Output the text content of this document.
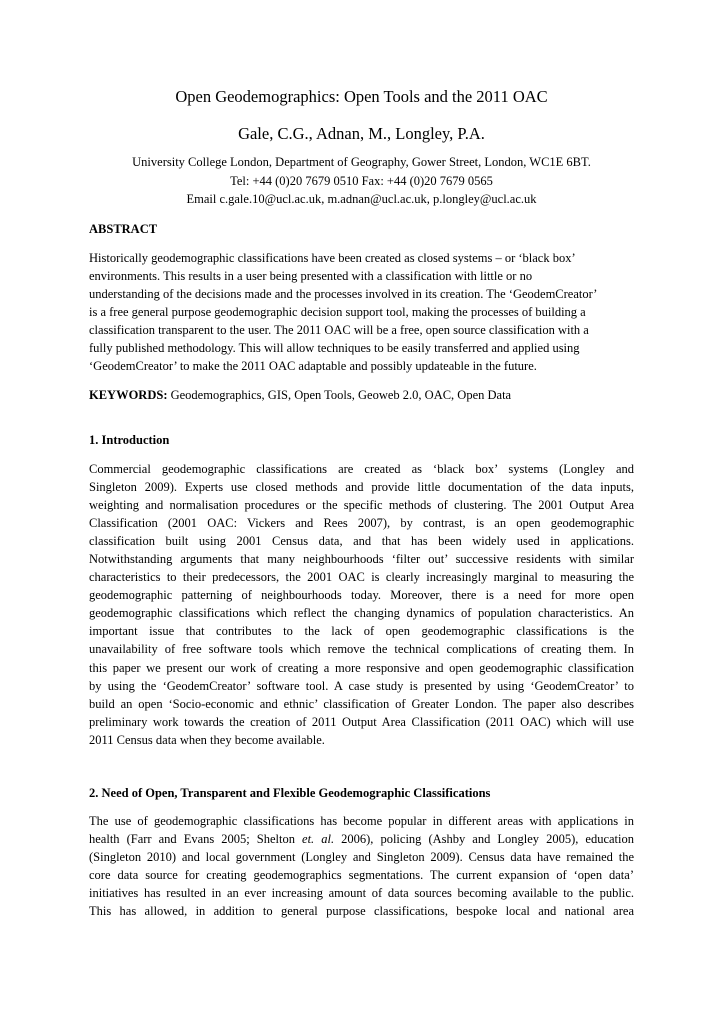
Open Geodemographics: Open Tools and the 2011 OAC
Gale, C.G., Adnan, M., Longley, P.A.
University College London, Department of Geography, Gower Street, London, WC1E 6BT.
Tel: +44 (0)20 7679 0510 Fax: +44 (0)20 7679 0565
Email c.gale.10@ucl.ac.uk, m.adnan@ucl.ac.uk, p.longley@ucl.ac.uk
ABSTRACT
Historically geodemographic classifications have been created as closed systems – or ‘black box’
environments. This results in a user being presented with a classification with little or no
understanding of the decisions made and the processes involved in its creation. The ‘GeodemCreator’
is a free general purpose geodemographic decision support tool, making the processes of building a
classification transparent to the user. The 2011 OAC will be a free, open source classification with a
fully published methodology. This will allow techniques to be easily transferred and applied using
‘GeodemCreator’ to make the 2011 OAC adaptable and possibly updateable in the future.
KEYWORDS: Geodemographics, GIS, Open Tools, Geoweb 2.0, OAC, Open Data
1. Introduction
Commercial geodemographic classifications are created as ‘black box’ systems (Longley and
Singleton 2009). Experts use closed methods and provide little documentation of the data inputs,
weighting and normalisation procedures or the specific methods of clustering. The 2001 Output Area
Classification (2001 OAC: Vickers and Rees 2007), by contrast, is an open geodemographic
classification built using 2001 Census data, and that has been widely used in applications.
Notwithstanding arguments that many neighbourhoods ‘filter out’ successive residents with similar
characteristics to their predecessors, the 2001 OAC is clearly increasingly marginal to measuring the
geodemographic patterning of neighbourhoods today. Moreover, there is a need for more open
geodemographic classifications which reflect the changing dynamics of population characteristics. An
important issue that contributes to the lack of open geodemographic classifications is the
unavailability of free software tools which remove the technical complications of creating them. In
this paper we present our work of creating a more responsive and open geodemographic classification
by using the ‘GeodemCreator’ software tool. A case study is presented by using ‘GeodemCreator’ to
build an open ‘Socio-economic and ethnic’ classification of Greater London. The paper also describes
preliminary work towards the creation of 2011 Output Area Classification (2011 OAC) which will use
2011 Census data when they become available.
2. Need of Open, Transparent and Flexible Geodemographic Classifications
The use of geodemographic classifications has become popular in different areas with applications in
health (Farr and Evans 2005; Shelton et. al. 2006), policing (Ashby and Longley 2005), education
(Singleton 2010) and local government (Longley and Singleton 2009). Census data have remained the
core data source for creating geodemographics segmentations. The current expansion of ‘open data’
initiatives has resulted in an ever increasing amount of data sources becoming available to the public.
This has allowed, in addition to general purpose classifications, bespoke local and national area
